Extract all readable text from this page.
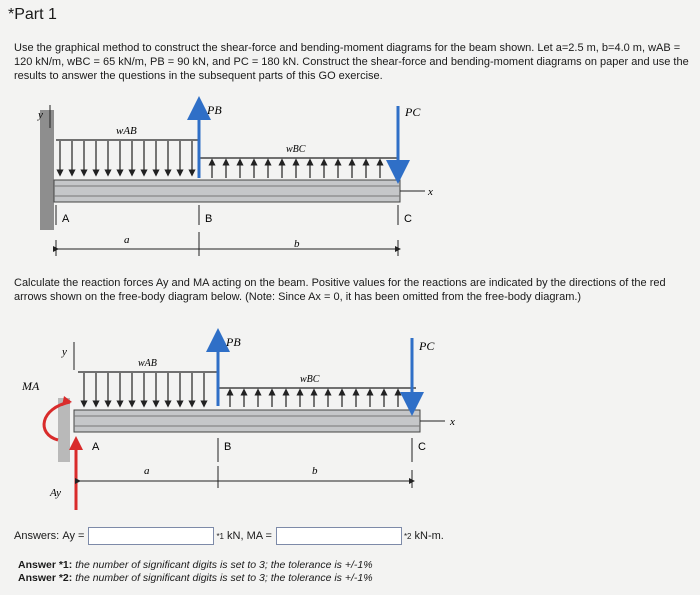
*Part 1
Use the graphical method to construct the shear-force and bending-moment diagrams for the beam shown. Let a=2.5 m, b=4.0 m, wAB = 120 kN/m, wBC = 65 kN/m, PB = 90 kN, and PC = 180 kN. Construct the shear-force and bending-moment diagrams on paper and use the results to answer the questions in the subsequent parts of this GO exercise.
y
x
wAB
wBC
PB	PC
A	B	C
a	b
y
x
wAB
wBC
PB	PC
MA
Ay
A	B	C
a	b
Calculate the reaction forces Ay and MA acting on the beam. Positive values for the reactions are indicated by the directions of the red arrows shown on the free-body diagram below. (Note: Since Ax = 0, it has been omitted from the free-body diagram.)
Answers:
Ay =	*1 kN,
MA =	*2 kN-m.
Answer *1: the number of significant digits is set to 3; the tolerance is +/-1%
Answer *2: the number of significant digits is set to 3; the tolerance is +/-1%
